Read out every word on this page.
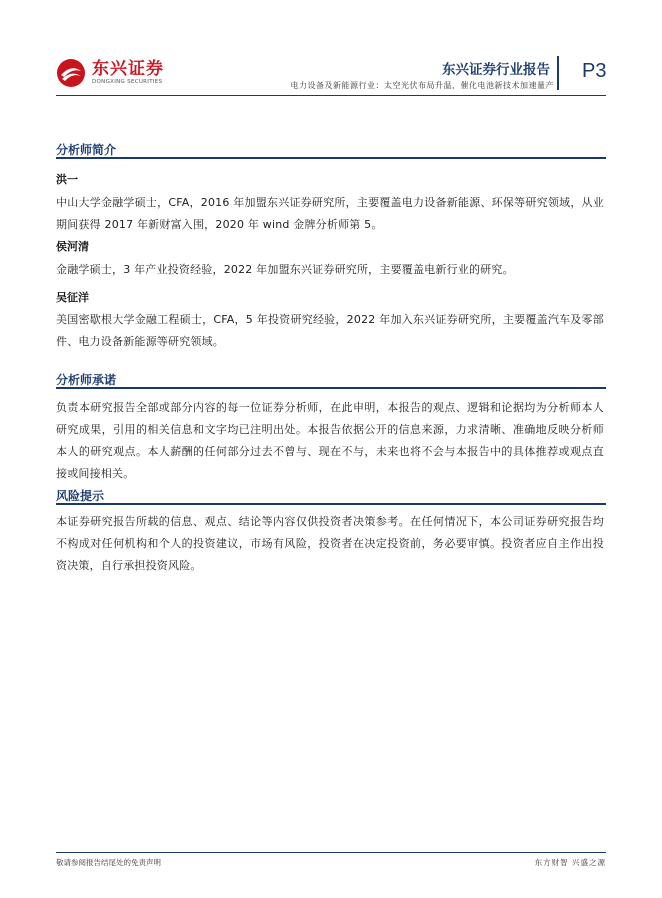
东兴证券
DONGXING SECURITIES
东兴证券行业报告
电力设备及新能源行业：太空光伏布局升温，催化电池新技术加速量产
P3
分析师简介
洪一
中山大学金融学硕士，CFA，2016 年加盟东兴证券研究所，主要覆盖电力设备新能源、环保等研究领域，从业期间获得 2017 年新财富入围，2020 年 wind 金牌分析师第 5。
侯河清
金融学硕士，3 年产业投资经验，2022 年加盟东兴证券研究所，主要覆盖电新行业的研究。
吴征洋
美国密歇根大学金融工程硕士，CFA，5 年投资研究经验，2022 年加入东兴证券研究所，主要覆盖汽车及零部件、电力设备新能源等研究领域。
分析师承诺
负责本研究报告全部或部分内容的每一位证券分析师，在此申明，本报告的观点、逻辑和论据均为分析师本人研究成果，引用的相关信息和文字均已注明出处。本报告依据公开的信息来源，力求清晰、准确地反映分析师本人的研究观点。本人薪酬的任何部分过去不曾与、现在不与，未来也将不会与本报告中的具体推荐或观点直接或间接相关。
风险提示
本证券研究报告所载的信息、观点、结论等内容仅供投资者决策参考。在任何情况下，本公司证券研究报告均不构成对任何机构和个人的投资建议，市场有风险，投资者在决定投资前，务必要审慎。投资者应自主作出投资决策，自行承担投资风险。
敬请参阅报告结尾处的免责声明	东方财智 兴盛之源
